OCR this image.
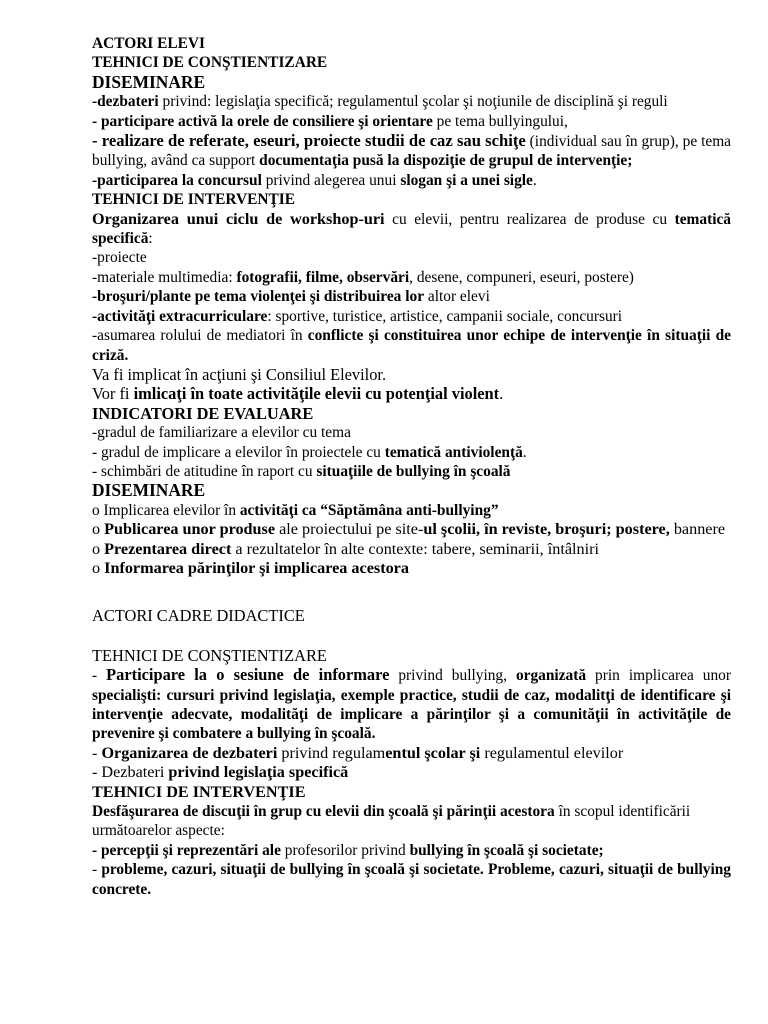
ACTORI ELEVI
TEHNICI DE CONŞTIENTIZARE
DISEMINARE
-dezbateri privind: legislaţia specifică; regulamentul şcolar şi noţiunile de disciplină şi reguli
- participare activă la orele de consiliere şi orientare pe tema bullyingului,
- realizare de referate, eseuri, proiecte studii de caz sau schiţe (individual sau în grup), pe tema bullying, având ca support documentaţia pusă la dispoziţie de grupul de intervenţie;
-participarea la concursul privind alegerea unui slogan şi a unei sigle.
TEHNICI DE INTERVENŢIE
Organizarea unui ciclu de workshop-uri cu elevii, pentru realizarea de produse cu tematică specifică:
-proiecte
-materiale multimedia: fotografii, filme, observări, desene, compuneri, eseuri, postere)
-broşuri/plante pe tema violenţei şi distribuirea lor altor elevi
-activităţi extracurriculare: sportive, turistice, artistice, campanii sociale, concursuri
-asumarea rolului de mediatori în conflicte şi constituirea unor echipe de intervenţie în situaţii de criză.
Va fi implicat în acţiuni şi Consiliul Elevilor.
Vor fi imlicaţi în toate activităţile elevii cu potenţial violent.
INDICATORI DE EVALUARE
-gradul de familiarizare a elevilor cu tema
- gradul de implicare a elevilor în proiectele cu tematică antiviolenţă.
- schimbări de atitudine în raport cu situaţiile de bullying în şcoală
DISEMINARE
o Implicarea elevilor în activităţi ca “Săptămâna anti-bullying”
o Publicarea unor produse ale proiectului pe site-ul şcolii, în reviste, broşuri; postere, bannere
o Prezentarea direct a rezultatelor în alte contexte: tabere, seminarii, întâlniri
o Informarea părinţilor şi implicarea acestora
ACTORI CADRE DIDACTICE
TEHNICI DE CONŞTIENTIZARE
- Participare la o sesiune de informare privind bullying, organizată prin implicarea unor specialişti: cursuri privind legislaţia, exemple practice, studii de caz, modalitţi de identificare şi intervenţie adecvate, modalităţi de implicare a părinţilor şi a comunităţii în activităţile de prevenire şi combatere a bullying în şcoală.
- Organizarea de dezbateri privind regulamentul şcolar şi regulamentul elevilor
- Dezbateri privind legislaţia specifică
TEHNICI DE INTERVENŢIE
Desfăşurarea de discuţii în grup cu elevii din şcoală şi părinţii acestora în scopul identificării următoarelor aspecte:
- percepţii şi reprezentări ale profesorilor privind bullying în şcoală şi societate;
- probleme, cazuri, situaţii de bullying în şcoală şi societate. Probleme, cazuri, situaţii de bullying concrete.
